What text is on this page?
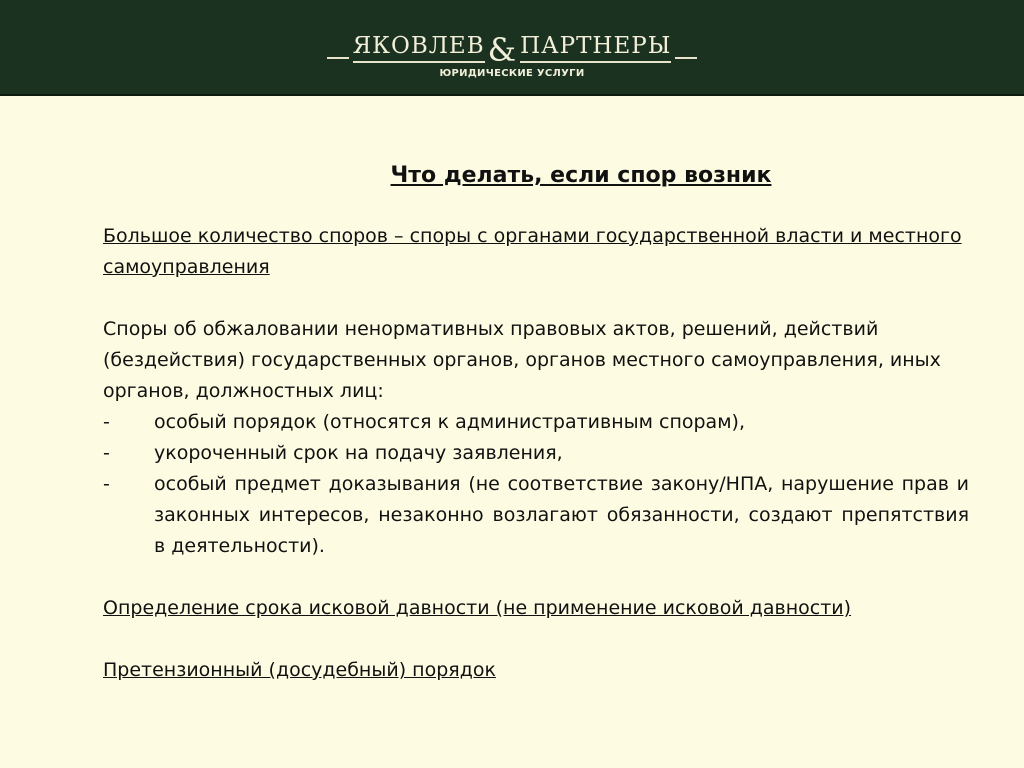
ЯКОВЛЕВ & ПАРТНЕРЫ
ЮРИДИЧЕСКИЕ УСЛУГИ
Что делать, если спор возник
Большое количество споров – споры с органами государственной власти и местного самоуправления
Споры об обжаловании ненормативных правовых актов, решений, действий (бездействия) государственных органов, органов местного самоуправления, иных органов, должностных лиц:
- особый порядок (относятся к административным спорам),
- укороченный срок на подачу заявления,
- особый предмет доказывания (не соответствие закону/НПА, нарушение прав и законных интересов, незаконно возлагают обязанности, создают препятствия в деятельности).
Определение срока исковой давности (не применение исковой давности)
Претензионный (досудебный) порядок
